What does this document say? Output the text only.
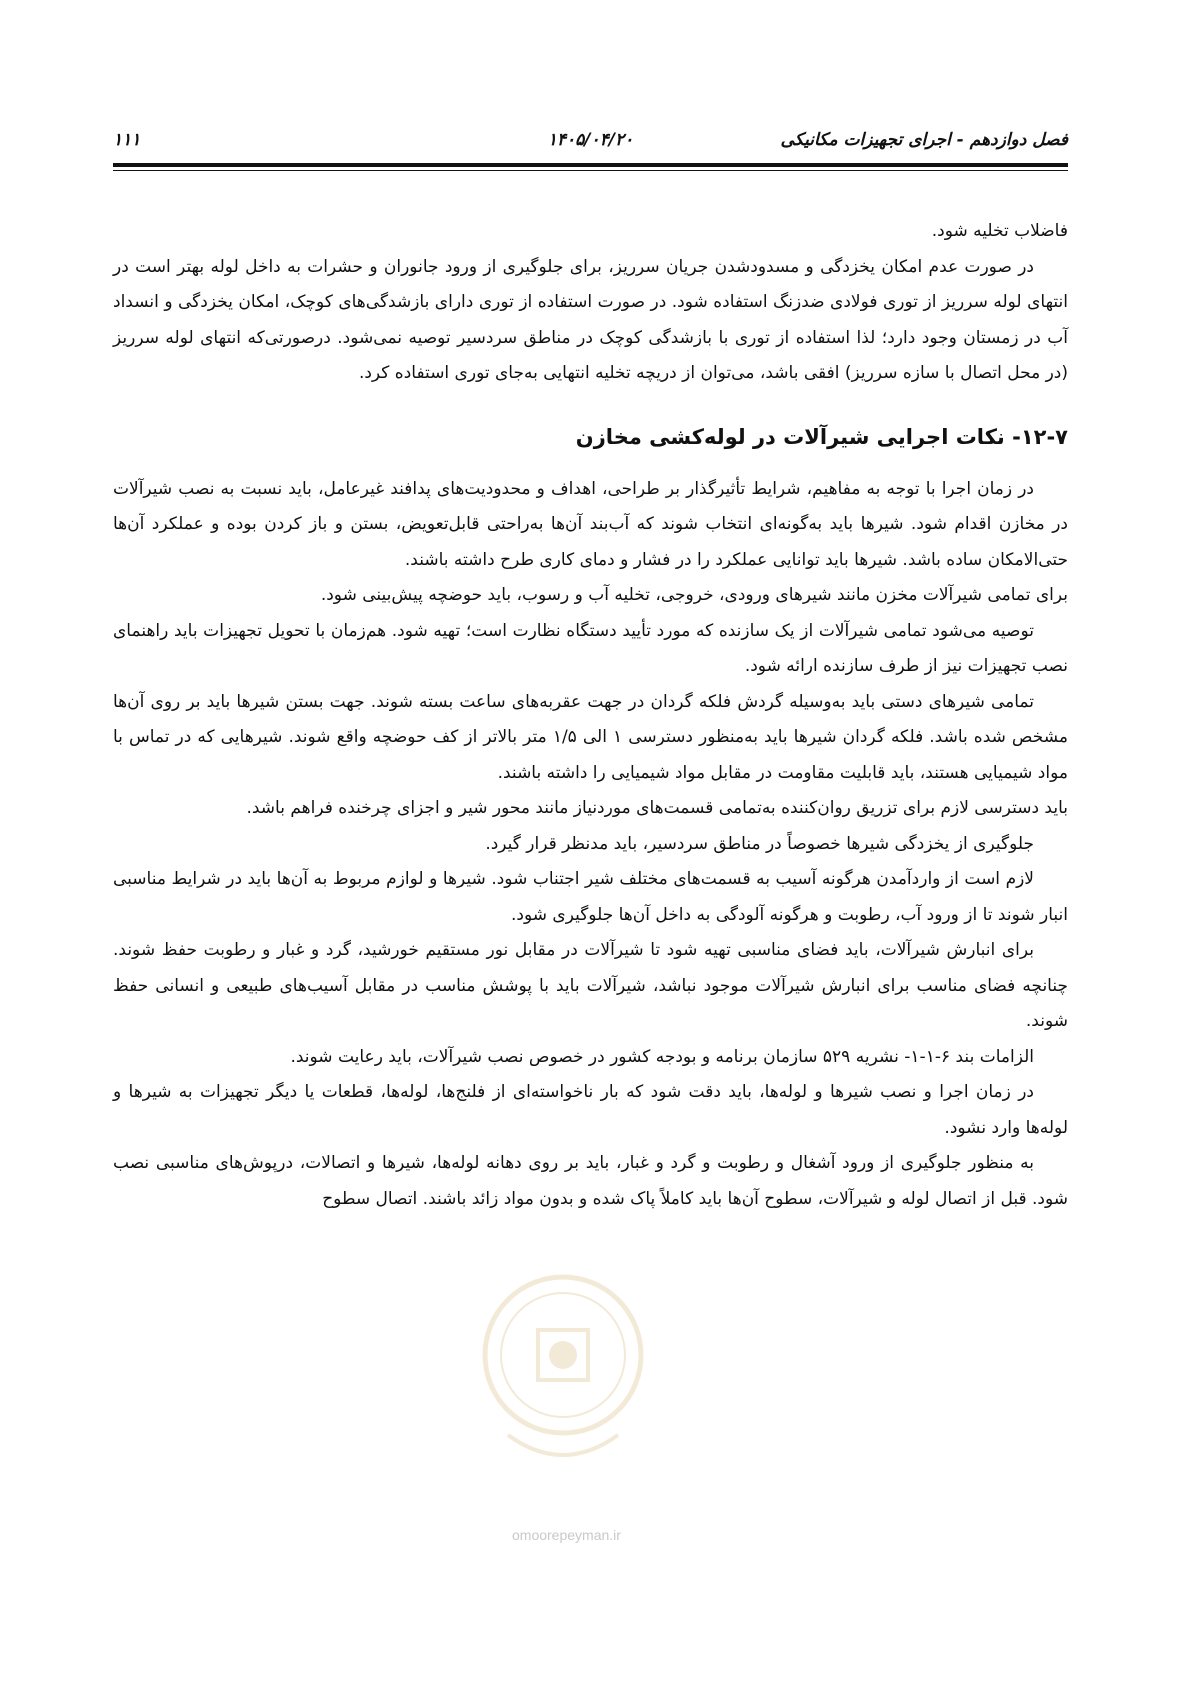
فصل دوازدهم - اجرای تجهیزات مکانیکی
۱۴۰۵/۰۴/۲۰
۱۱۱

فاضلاب تخلیه شود.

در صورت عدم امکان یخزدگی و مسدودشدن جریان سرریز، برای جلوگیری از ورود جانوران و حشرات به داخل لوله بهتر است در انتهای لوله سرریز از توری فولادی ضدزنگ استفاده شود. در صورت استفاده از توری دارای بازشدگی‌های کوچک، امکان یخزدگی و انسداد آب در زمستان وجود دارد؛ لذا استفاده از توری با بازشدگی کوچک در مناطق سردسیر توصیه نمی‌شود. درصورتی‌که انتهای لوله سرریز (در محل اتصال با سازه سرریز) افقی باشد، می‌توان از دریچه تخلیه انتهایی به‌جای توری استفاده کرد.

۱۲-۷- نکات اجرایی شیرآلات در لوله‌کشی مخازن

در زمان اجرا با توجه به مفاهیم، شرایط تأثیرگذار بر طراحی، اهداف و محدودیت‌های پدافند غیرعامل، باید نسبت به نصب شیرآلات در مخازن اقدام شود. شیرها باید به‌گونه‌ای انتخاب شوند که آب‌بند آن‌ها به‌راحتی قابل‌تعویض، بستن و باز کردن بوده و عملکرد آن‌ها حتی‌الامکان ساده باشد. شیرها باید توانایی عملکرد را در فشار و دمای کاری طرح داشته باشند.

برای تمامی شیرآلات مخزن مانند شیرهای ورودی، خروجی، تخلیه آب و رسوب، باید حوضچه پیش‌بینی شود.

توصیه می‌شود تمامی شیرآلات از یک سازنده که مورد تأیید دستگاه نظارت است؛ تهیه شود. هم‌زمان با تحویل تجهیزات باید راهنمای نصب تجهیزات نیز از طرف سازنده ارائه شود.

تمامی شیرهای دستی باید به‌وسیله گردش فلکه گردان در جهت عقربه‌های ساعت بسته شوند. جهت بستن شیرها باید بر روی آن‌ها مشخص شده باشد. فلکه گردان شیرها باید به‌منظور دسترسی ۱ الی ۱/۵ متر بالاتر از کف حوضچه واقع شوند. شیرهایی که در تماس با مواد شیمیایی هستند، باید قابلیت مقاومت در مقابل مواد شیمیایی را داشته باشند.

باید دسترسی لازم برای تزریق روان‌کننده به‌تمامی قسمت‌های موردنیاز مانند محور شیر و اجزای چرخنده فراهم باشد.

جلوگیری از یخزدگی شیرها خصوصاً در مناطق سردسیر، باید مدنظر قرار گیرد.

لازم است از واردآمدن هرگونه آسیب به قسمت‌های مختلف شیر اجتناب شود. شیرها و لوازم مربوط به آن‌ها باید در شرایط مناسبی انبار شوند تا از ورود آب، رطوبت و هرگونه آلودگی به داخل آن‌ها جلوگیری شود.

برای انبارش شیرآلات، باید فضای مناسبی تهیه شود تا شیرآلات در مقابل نور مستقیم خورشید، گرد و غبار و رطوبت حفظ شوند. چنانچه فضای مناسب برای انبارش شیرآلات موجود نباشد، شیرآلات باید با پوشش مناسب در مقابل آسیب‌های طبیعی و انسانی حفظ شوند.

الزامات بند ۶-۱-۱- نشریه ۵۲۹ سازمان برنامه و بودجه کشور در خصوص نصب شیرآلات، باید رعایت شوند.

در زمان اجرا و نصب شیرها و لوله‌ها، باید دقت شود که بار ناخواسته‌ای از فلنج‌ها، لوله‌ها، قطعات یا دیگر تجهیزات به شیرها و لوله‌ها وارد نشود.

به منظور جلوگیری از ورود آشغال و رطوبت و گرد و غبار، باید بر روی دهانه لوله‌ها، شیرها و اتصالات، درپوش‌های مناسبی نصب شود. قبل از اتصال لوله و شیرآلات، سطوح آن‌ها باید کاملاً پاک شده و بدون مواد زائد باشند. اتصال سطوح

omoorepeyman.ir
